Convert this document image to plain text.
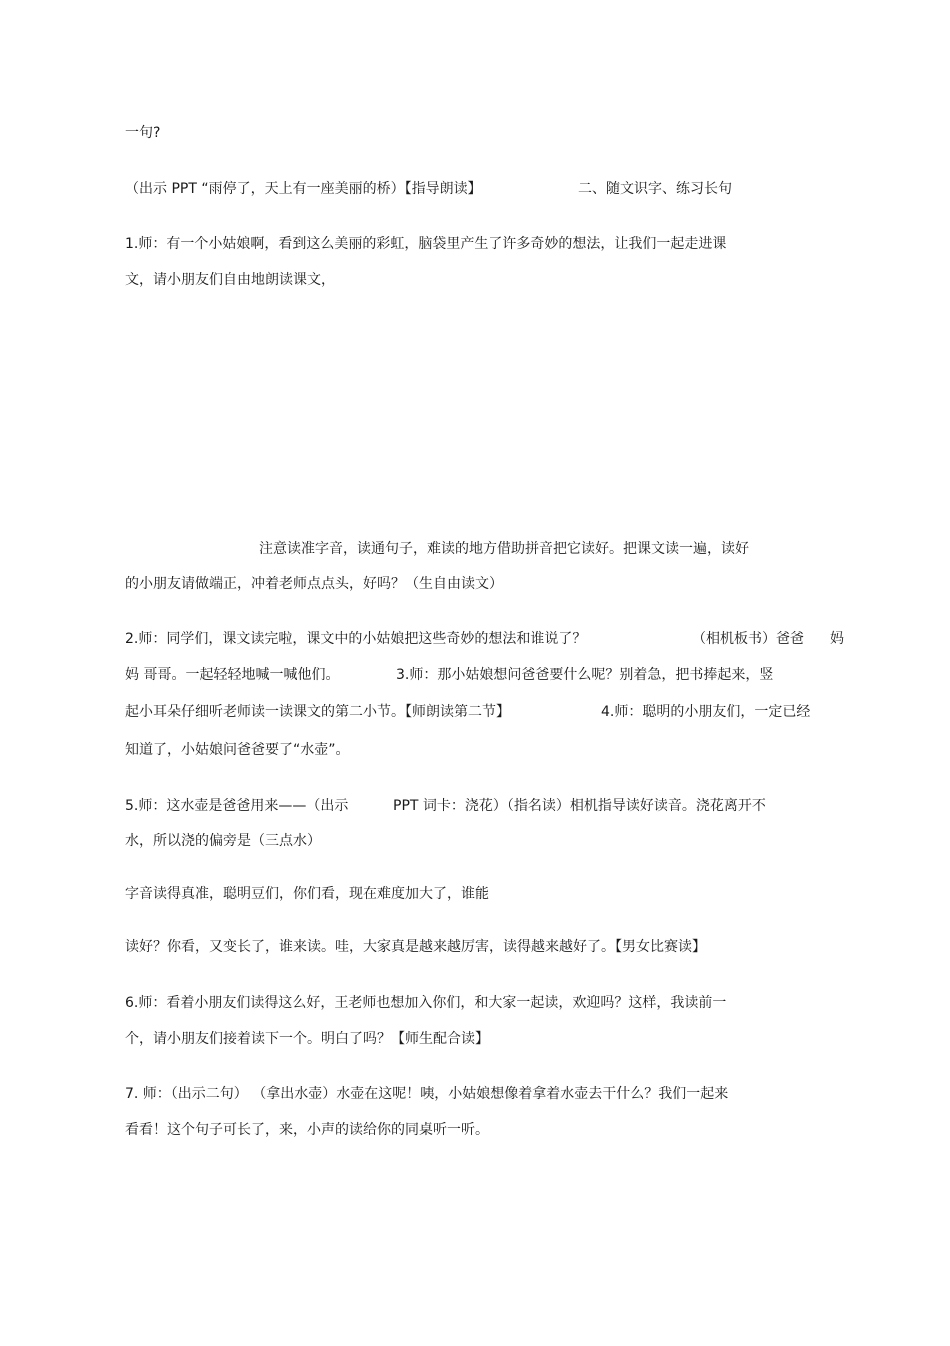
一句?
（出示 PPT “雨停了，天上有一座美丽的桥）【指导朗读】	二、随文识字、练习长句
1.师：有一个小姑娘啊，看到这么美丽的彩虹，脑袋里产生了许多奇妙的想法，让我们一起走进课
文，请小朋友们自由地朗读课文，
注意读准字音，读通句子，难读的地方借助拼音把它读好。把课文读一遍，读好
的小朋友请做端正，冲着老师点点头，好吗？（生自由读文）
2.师：同学们，课文读完啦，课文中的小姑娘把这些奇妙的想法和谁说了？	（相机板书）爸爸 妈
妈 哥哥。一起轻轻地喊一喊他们。	3.师：那小姑娘想问爸爸要什么呢？别着急，把书捧起来，竖
起小耳朵仔细听老师读一读课文的第二小节。【师朗读第二节】	4.师：聪明的小朋友们，一定已经
知道了，小姑娘问爸爸要了“水壶”。
5.师：这水壶是爸爸用来——（出示	PPT 词卡：浇花）（指名读）相机指导读好读音。浇花离开不
水，所以浇的偏旁是（三点水）
字音读得真准，聪明豆们，你们看，现在难度加大了，谁能
读好？你看，又变长了，谁来读。哇，大家真是越来越厉害，读得越来越好了。【男女比赛读】
6.师：看着小朋友们读得这么好，王老师也想加入你们，和大家一起读，欢迎吗？这样，我读前一
个，请小朋友们接着读下一个。明白了吗？【师生配合读】
7. 师：（出示二句） （拿出水壶）水壶在这呢！咦，小姑娘想像着拿着水壶去干什么？我们一起来
看看！这个句子可长了，来，小声的读给你的同桌听一听。
